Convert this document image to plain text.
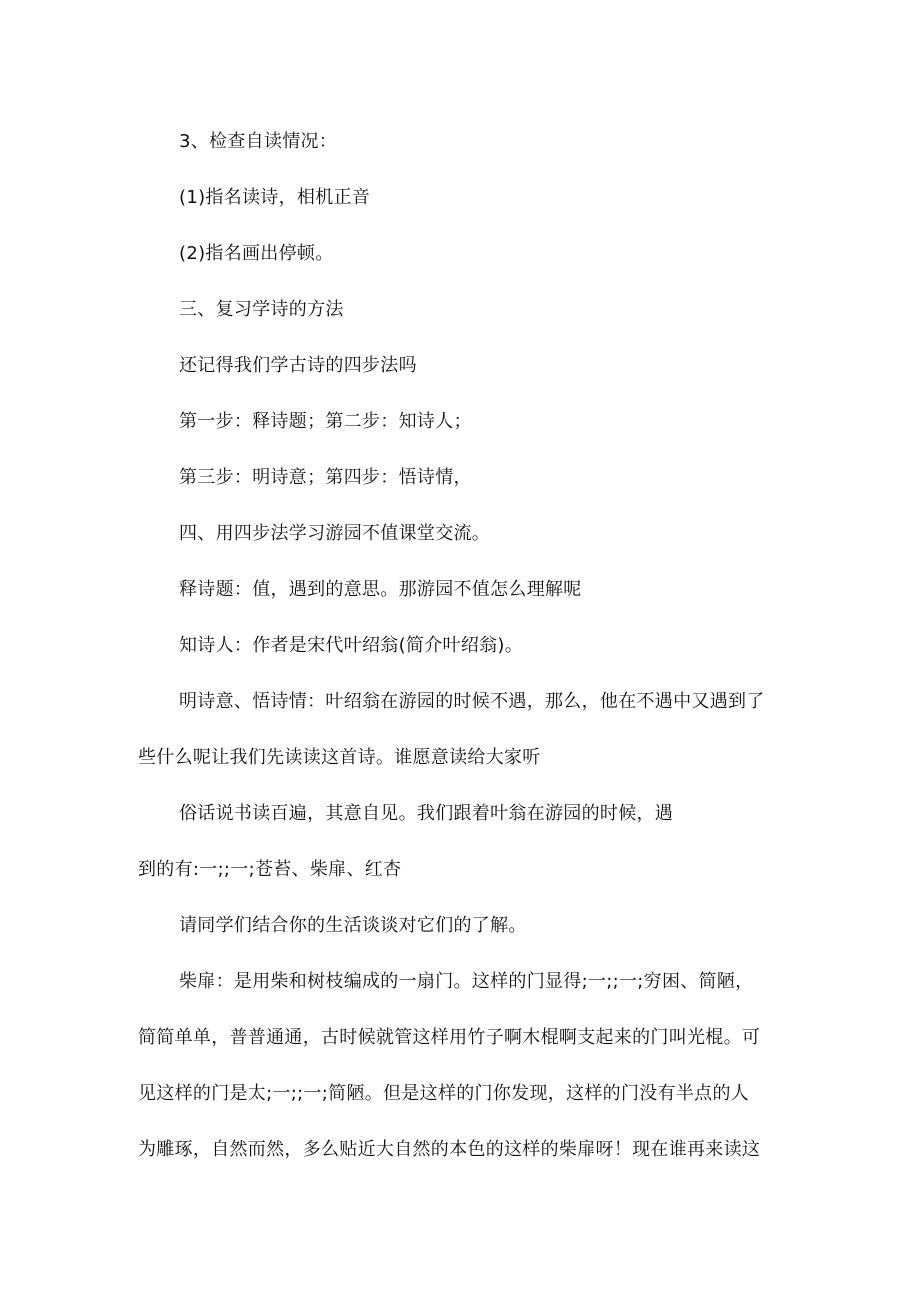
3、检查自读情况：
(1)指名读诗，相机正音
(2)指名画出停顿。
三、复习学诗的方法
还记得我们学古诗的四步法吗
第一步：释诗题；第二步：知诗人；
第三步：明诗意；第四步：悟诗情，
四、用四步法学习游园不值课堂交流。
释诗题：值，遇到的意思。那游园不值怎么理解呢
知诗人：作者是宋代叶绍翁(简介叶绍翁)。
明诗意、悟诗情：叶绍翁在游园的时候不遇，那么，他在不遇中又遇到了
些什么呢让我们先读读这首诗。谁愿意读给大家听
俗话说书读百遍，其意自见。我们跟着叶翁在游园的时候，遇
到的有:一;;一;苍苔、柴扉、红杏
请同学们结合你的生活谈谈对它们的了解。
柴扉：是用柴和树枝编成的一扇门。这样的门显得;一;;一;穷困、简陋，
简简单单，普普通通，古时候就管这样用竹子啊木棍啊支起来的门叫光棍。可
见这样的门是太;一;;一;简陋。但是这样的门你发现，这样的门没有半点的人
为雕琢，自然而然，多么贴近大自然的本色的这样的柴扉呀！现在谁再来读这
